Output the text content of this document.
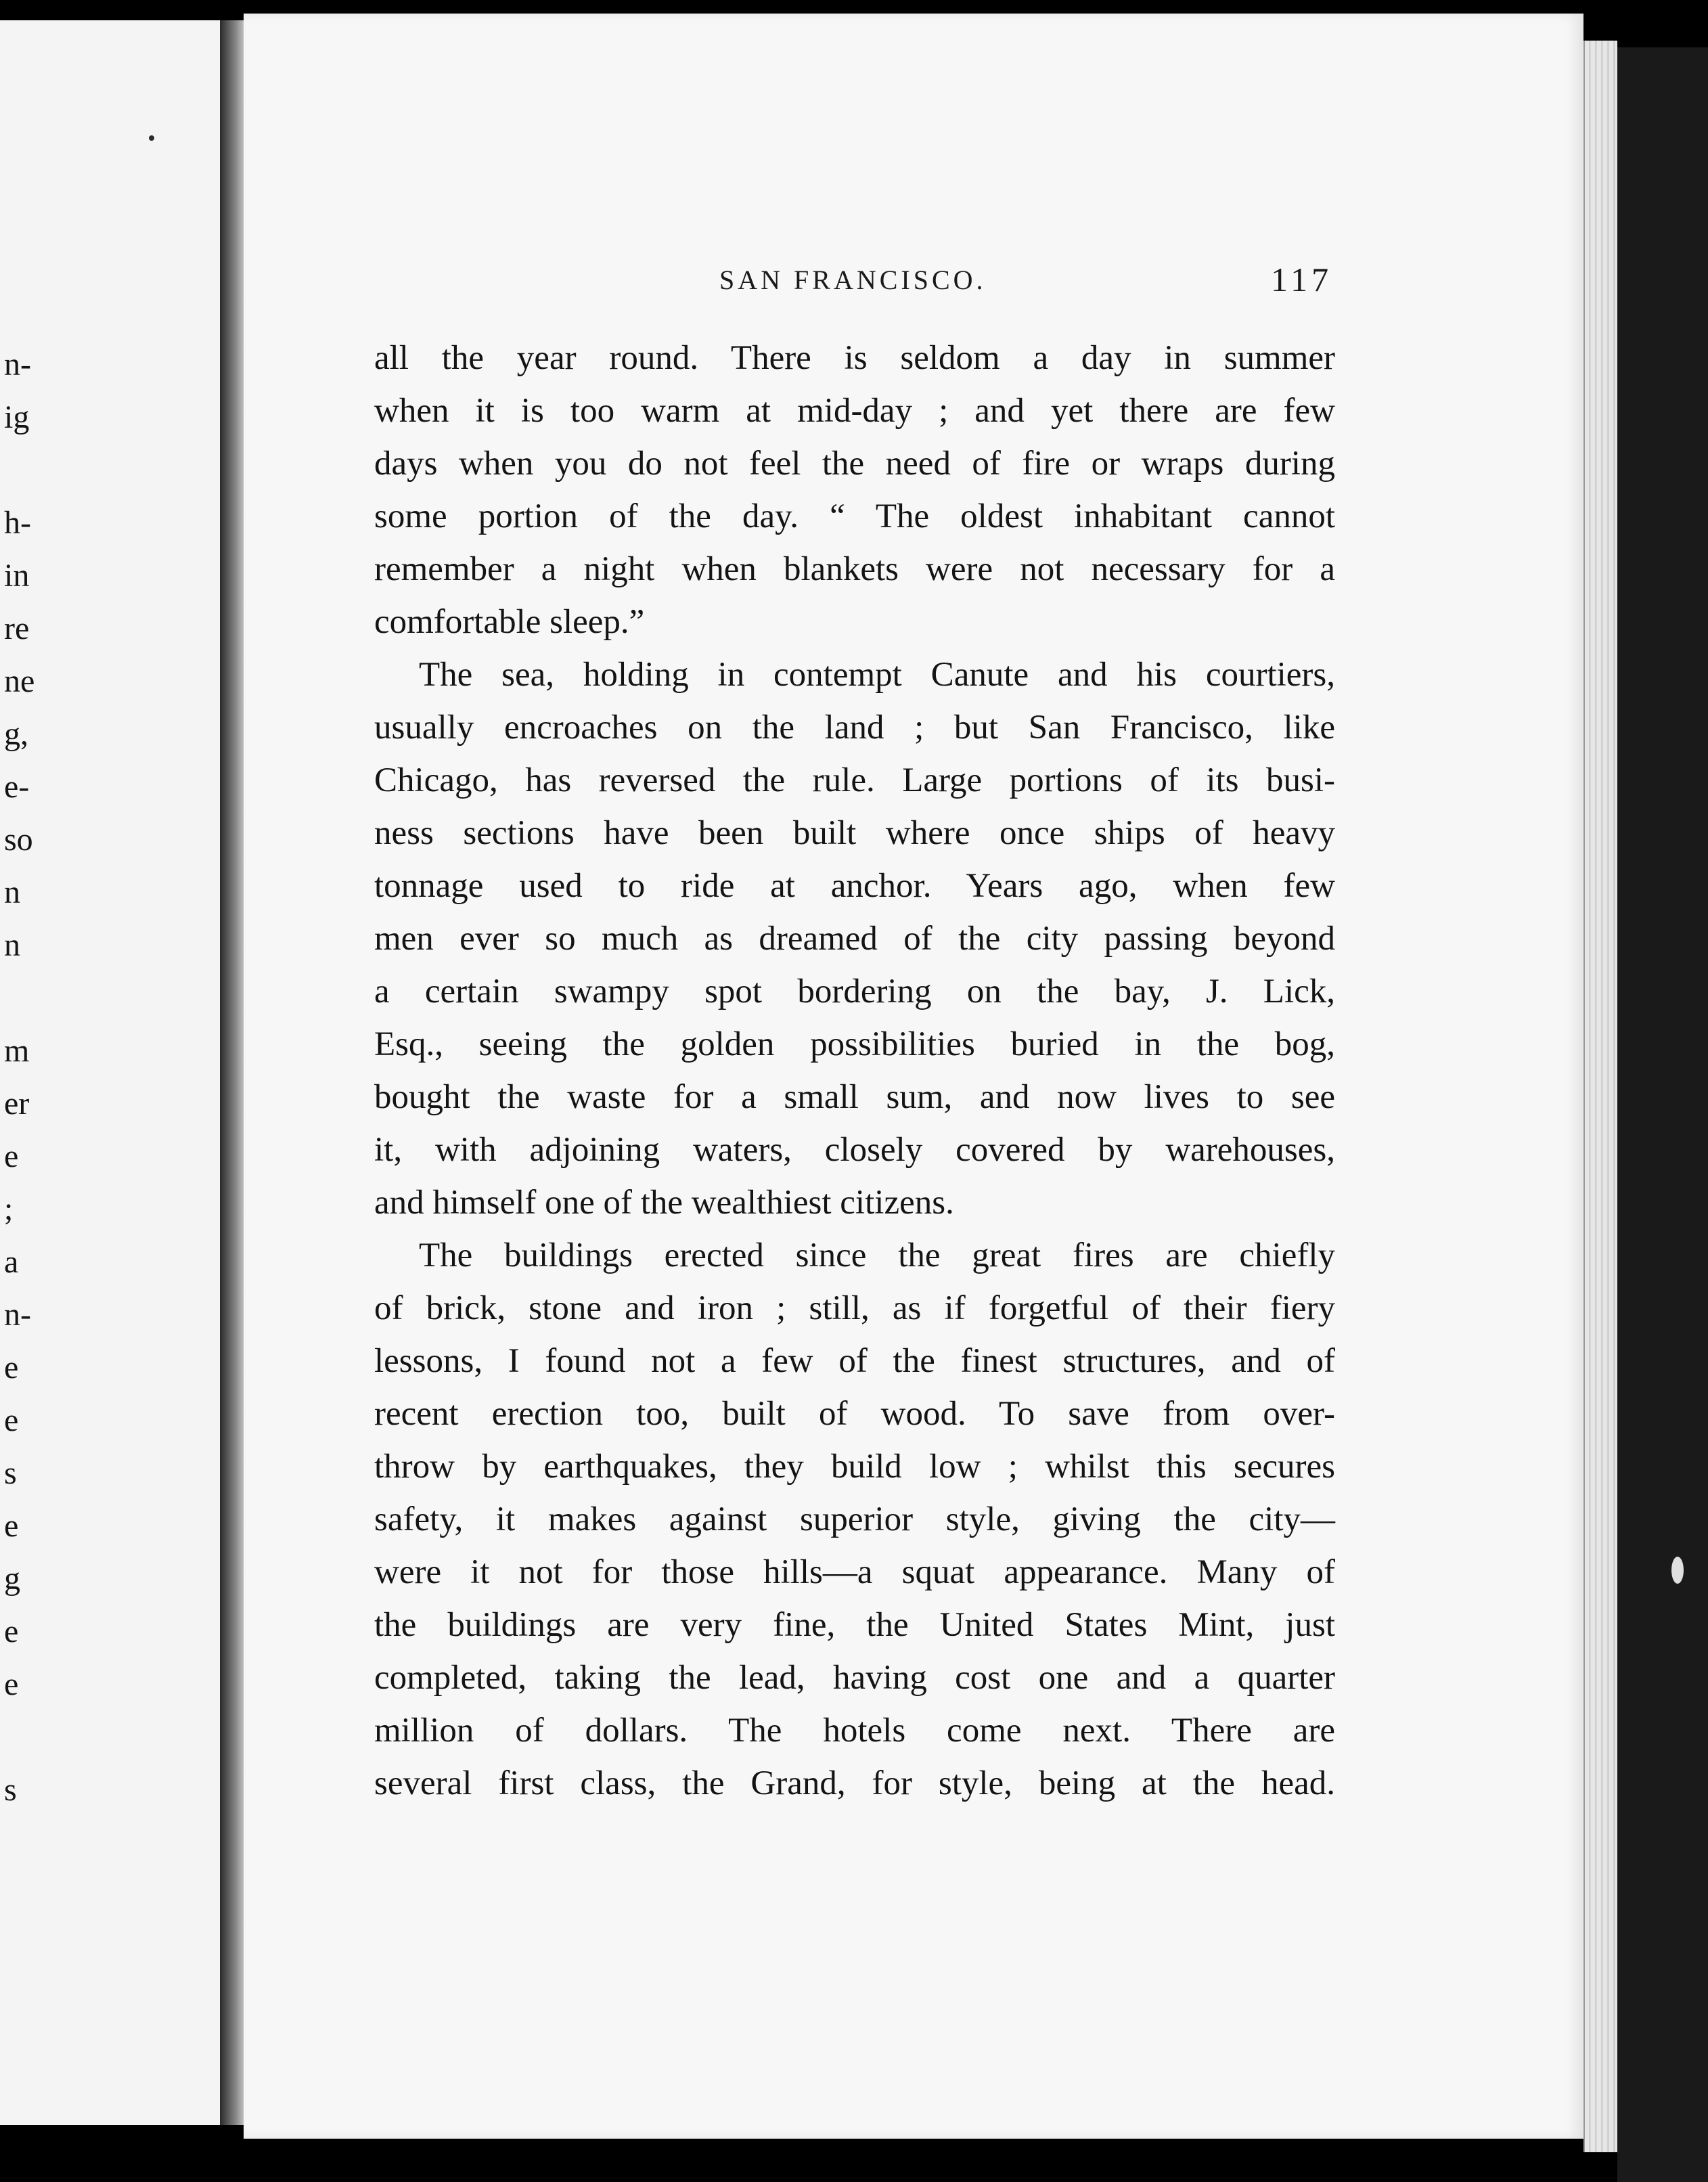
n-
ig
h-
in
re
ne
g,
e-
so
n
n
m
er
e
;
a
n-
e
e
s
e
g
e
e
s
SAN FRANCISCO.	117
all the year round. There is seldom a day in summer
when it is too warm at mid-day ; and yet there are few
days when you do not feel the need of fire or wraps during
some portion of the day. “ The oldest inhabitant cannot
remember a night when blankets were not necessary for a
comfortable sleep.”
The sea, holding in contempt Canute and his courtiers,
usually encroaches on the land ; but San Francisco, like
Chicago, has reversed the rule. Large portions of its busi-
ness sections have been built where once ships of heavy
tonnage used to ride at anchor. Years ago, when few
men ever so much as dreamed of the city passing beyond
a certain swampy spot bordering on the bay, J. Lick,
Esq., seeing the golden possibilities buried in the bog,
bought the waste for a small sum, and now lives to see
it, with adjoining waters, closely covered by warehouses,
and himself one of the wealthiest citizens.
The buildings erected since the great fires are chiefly
of brick, stone and iron ; still, as if forgetful of their fiery
lessons, I found not a few of the finest structures, and of
recent erection too, built of wood. To save from over-
throw by earthquakes, they build low ; whilst this secures
safety, it makes against superior style, giving the city—
were it not for those hills—a squat appearance. Many of
the buildings are very fine, the United States Mint, just
completed, taking the lead, having cost one and a quarter
million of dollars. The hotels come next. There are
several first class, the Grand, for style, being at the head.
